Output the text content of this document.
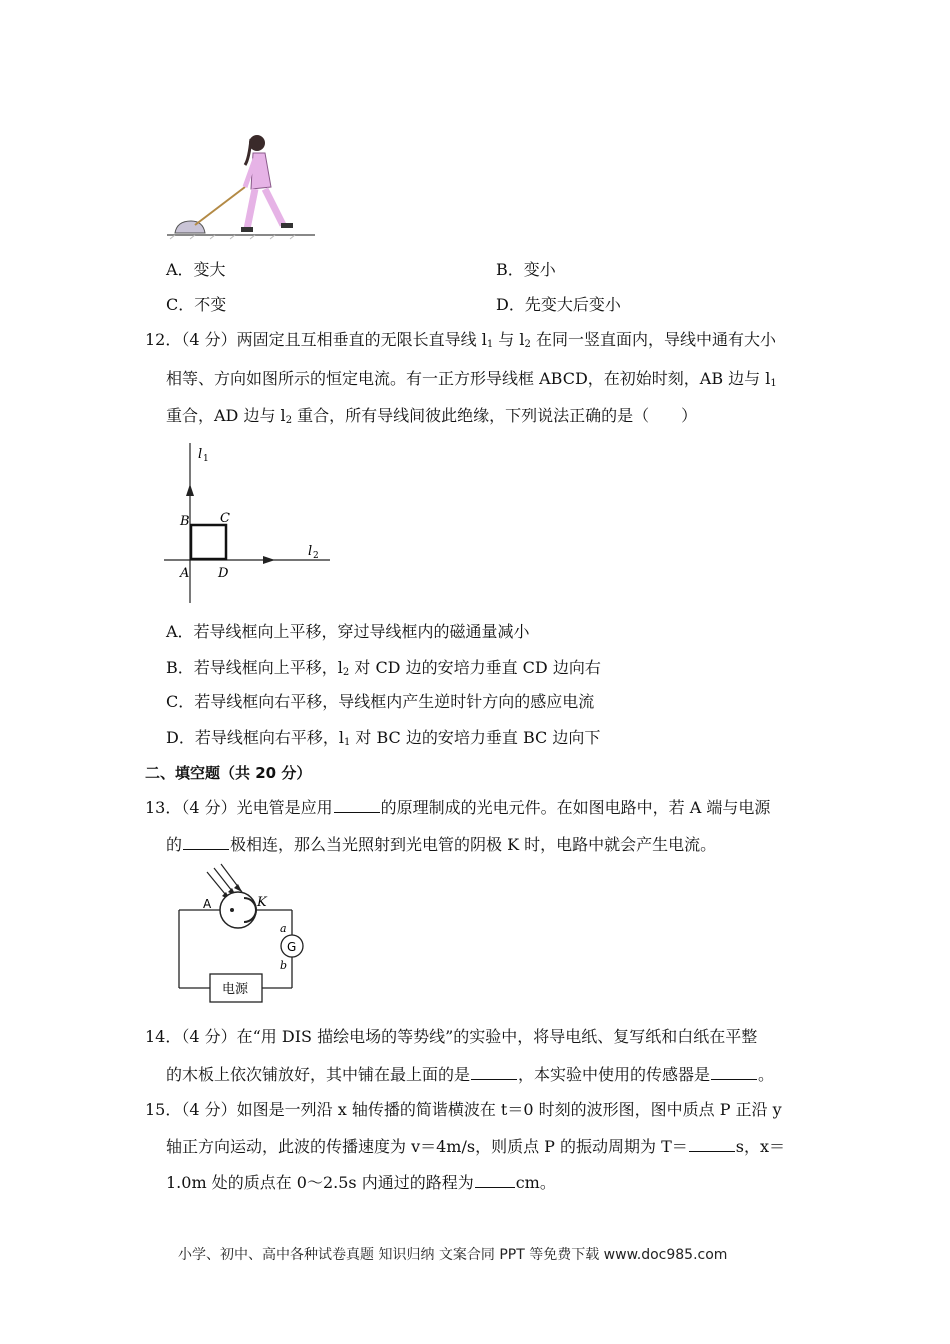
A．变大	B．变小
C．不变	D．先变大后变小
12．（4 分）两固定且互相垂直的无限长直导线 $l_1$ 与 $l_2$ 在同一竖直面内，导线中通有大小
相等、方向如图所示的恒定电流。有一正方形导线框 ABCD，在初始时刻，AB 边与 $l_1$
重合，AD 边与 $l_2$ 重合，所有导线间彼此绝缘，下列说法正确的是（　　）
l 1
l 2
B C
A D
A．若导线框向上平移，穿过导线框内的磁通量减小
B．若导线框向上平移，$l_2$ 对 CD 边的安培力垂直 CD 边向右
C．若导线框向右平移，导线框内产生逆时针方向的感应电流
D．若导线框向右平移，$l_1$ 对 BC 边的安培力垂直 BC 边向下
二、填空题（共 20 分）
13．（4 分）光电管是应用	的原理制成的光电元件。在如图电路中，若 A 端与电源
的	极相连，那么当光照射到光电管的阴极 K 时，电路中就会产生电流。
A	K
G
a
b
电源
14．（4 分）在“用 DIS 描绘电场的等势线”的实验中，将导电纸、复写纸和白纸在平整
的木板上依次铺放好，其中铺在最上面的是	，本实验中使用的传感器是	。
15．（4 分）如图是一列沿 x 轴传播的简谐横波在 t＝0 时刻的波形图，图中质点 P 正沿 y
轴正方向运动，此波的传播速度为 v＝4m/s，则质点 P 的振动周期为 T＝	s，x＝
1.0m 处的质点在 0～2.5s 内通过的路程为	cm。
小学、初中、高中各种试卷真题 知识归纳 文案合同 PPT 等免费下载 www.doc985.com
